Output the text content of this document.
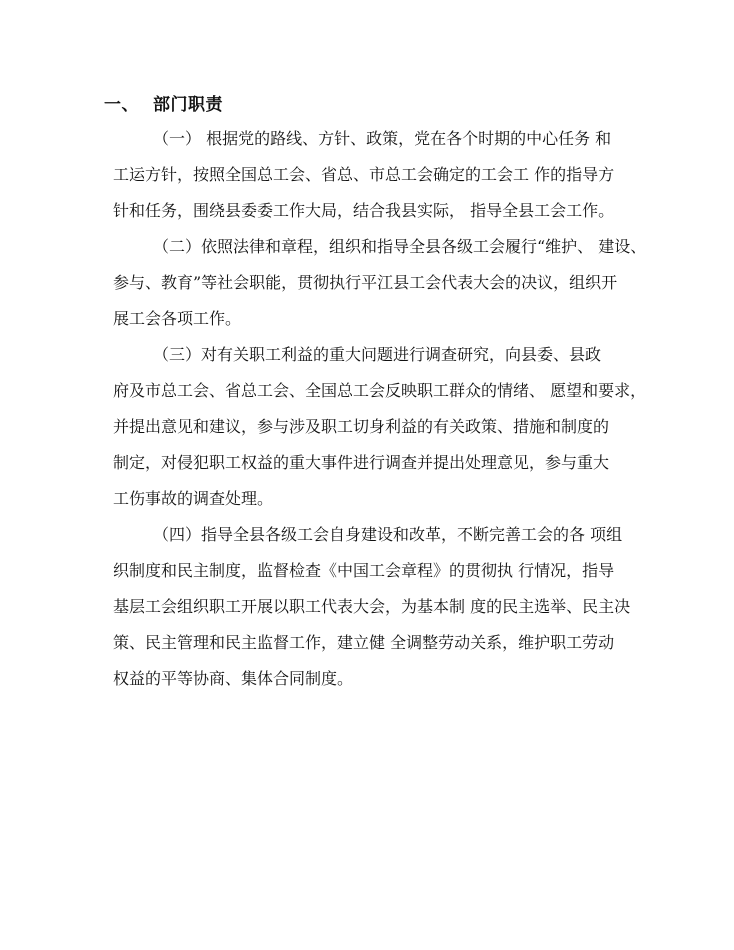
一、 部门职责
（一） 根据党的路线、方针、政策，党在各个时期的中心任务 和
工运方针，按照全国总工会、省总、市总工会确定的工会工 作的指导方
针和任务，围绕县委委工作大局，结合我县实际， 指导全县工会工作。
（二）依照法律和章程，组织和指导全县各级工会履行“维护、 建设、
参与、教育”等社会职能，贯彻执行平江县工会代表大会的决议，组织开
展工会各项工作。
（三）对有关职工利益的重大问题进行调查研究，向县委、县政
府及市总工会、省总工会、全国总工会反映职工群众的情绪、 愿望和要求，
并提出意见和建议，参与涉及职工切身利益的有关政策、措施和制度的
制定，对侵犯职工权益的重大事件进行调查并提出处理意见，参与重大
工伤事故的调查处理。
（四）指导全县各级工会自身建设和改革，不断完善工会的各 项组
织制度和民主制度，监督检查《中国工会章程》的贯彻执 行情况，指导
基层工会组织职工开展以职工代表大会，为基本制 度的民主选举、民主决
策、民主管理和民主监督工作，建立健 全调整劳动关系，维护职工劳动
权益的平等协商、集体合同制度。
